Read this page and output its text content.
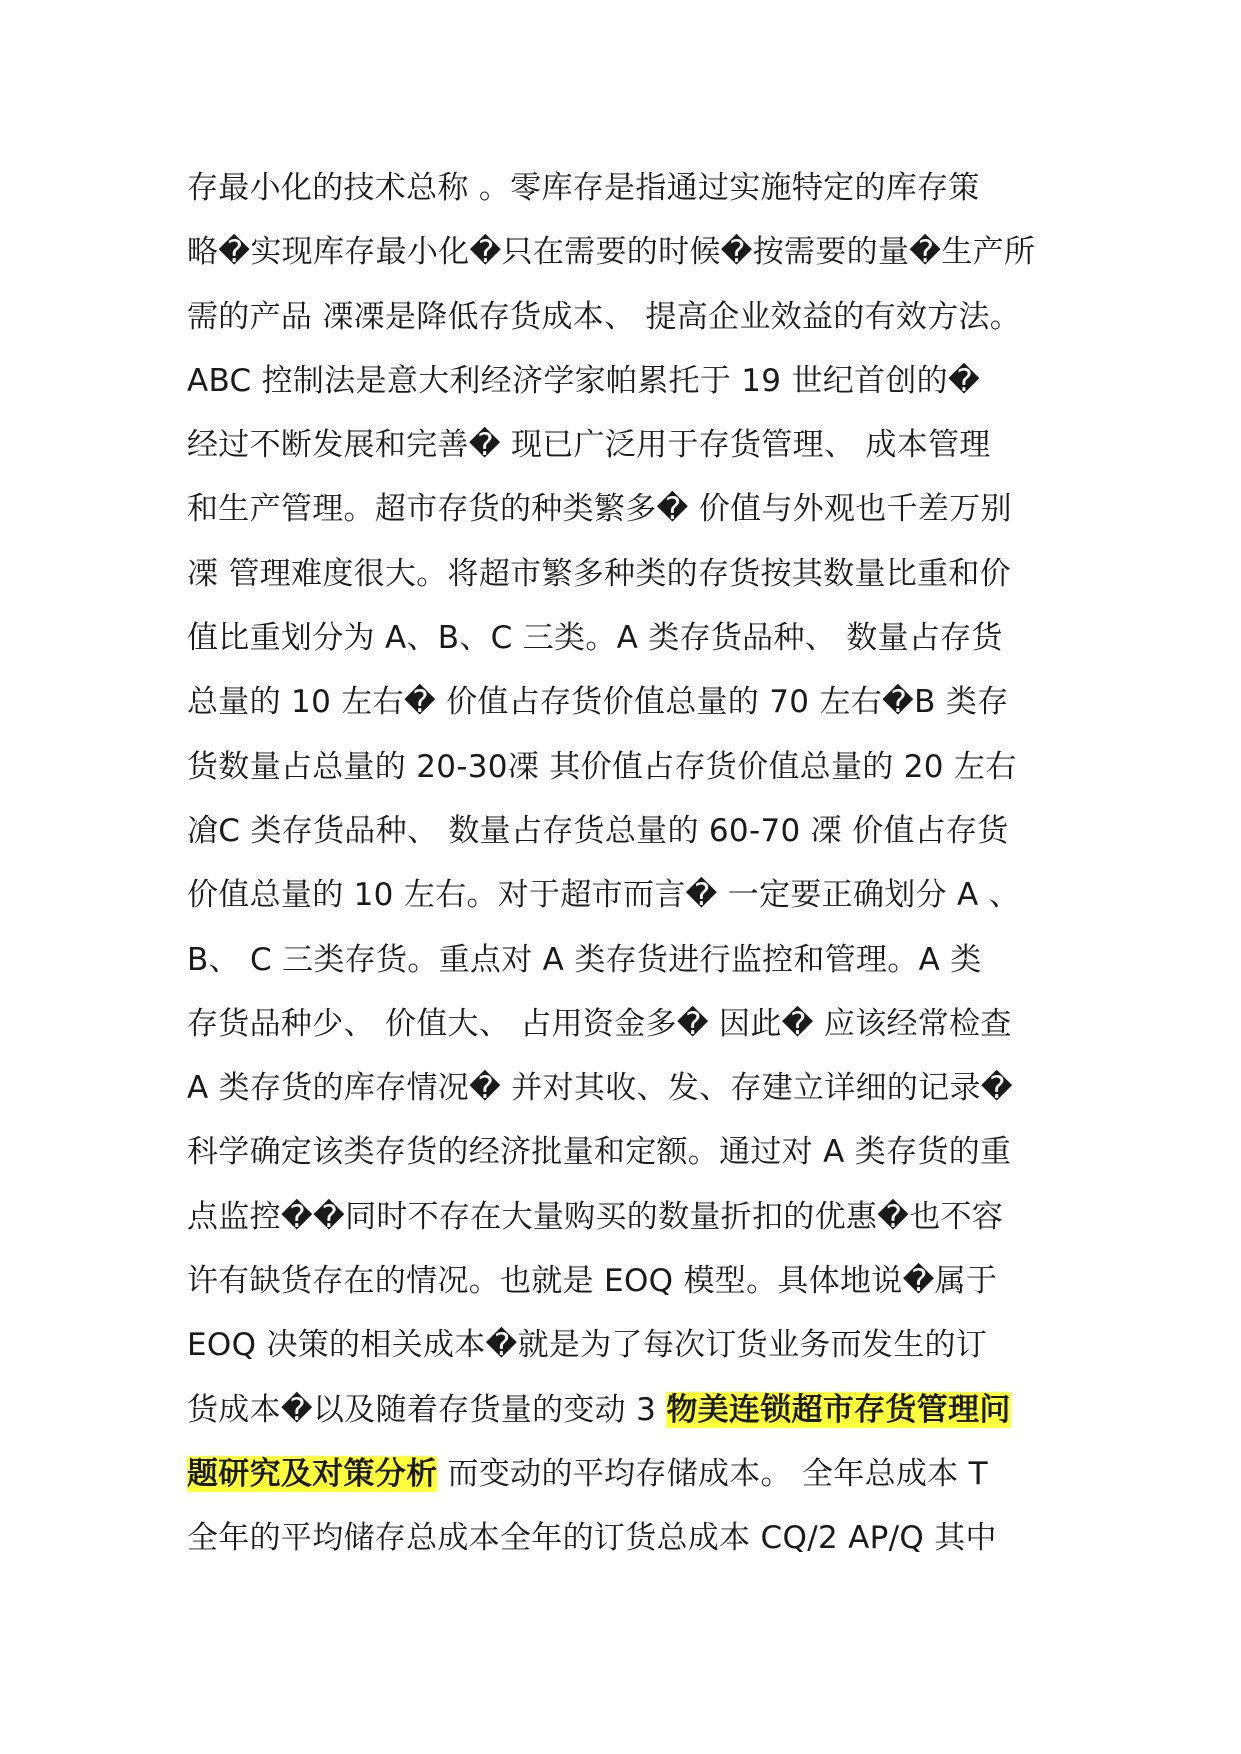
存最小化的技术总称 。零库存是指通过实施特定的库存策
略�实现库存最小化�只在需要的时候�按需要的量�生产所
需的产品 凓凓是降低存货成本、 提高企业效益的有效方法。
ABC 控制法是意大利经济学家帕累托于 19 世纪首创的�
经过不断发展和完善� 现已广泛用于存货管理、 成本管理
和生产管理。超市存货的种类繁多� 价值与外观也千差万别
凓 管理难度很大。将超市繁多种类的存货按其数量比重和价
值比重划分为 A、B、C 三类。A 类存货品种、 数量占存货
总量的 10 左右� 价值占存货价值总量的 70 左右�B 类存
货数量占总量的 20-30凓 其价值占存货价值总量的 20 左右
凔C 类存货品种、 数量占存货总量的 60-70 凓 价值占存货
价值总量的 10 左右。对于超市而言� 一定要正确划分 A 、
B、 C 三类存货。重点对 A 类存货进行监控和管理。A 类
存货品种少、 价值大、 占用资金多� 因此� 应该经常检查
A 类存货的库存情况� 并对其收、发、存建立详细的记录�
科学确定该类存货的经济批量和定额。通过对 A 类存货的重
点监控��同时不存在大量购买的数量折扣的优惠�也不容
许有缺货存在的情况。也就是 EOQ 模型。具体地说�属于
EOQ 决策的相关成本�就是为了每次订货业务而发生的订
货成本�以及随着存货量的变动 3 物美连锁超市存货管理问
题研究及对策分析 而变动的平均存储成本。 全年总成本 T
全年的平均储存总成本全年的订货总成本 CQ/2 AP/Q 其中
